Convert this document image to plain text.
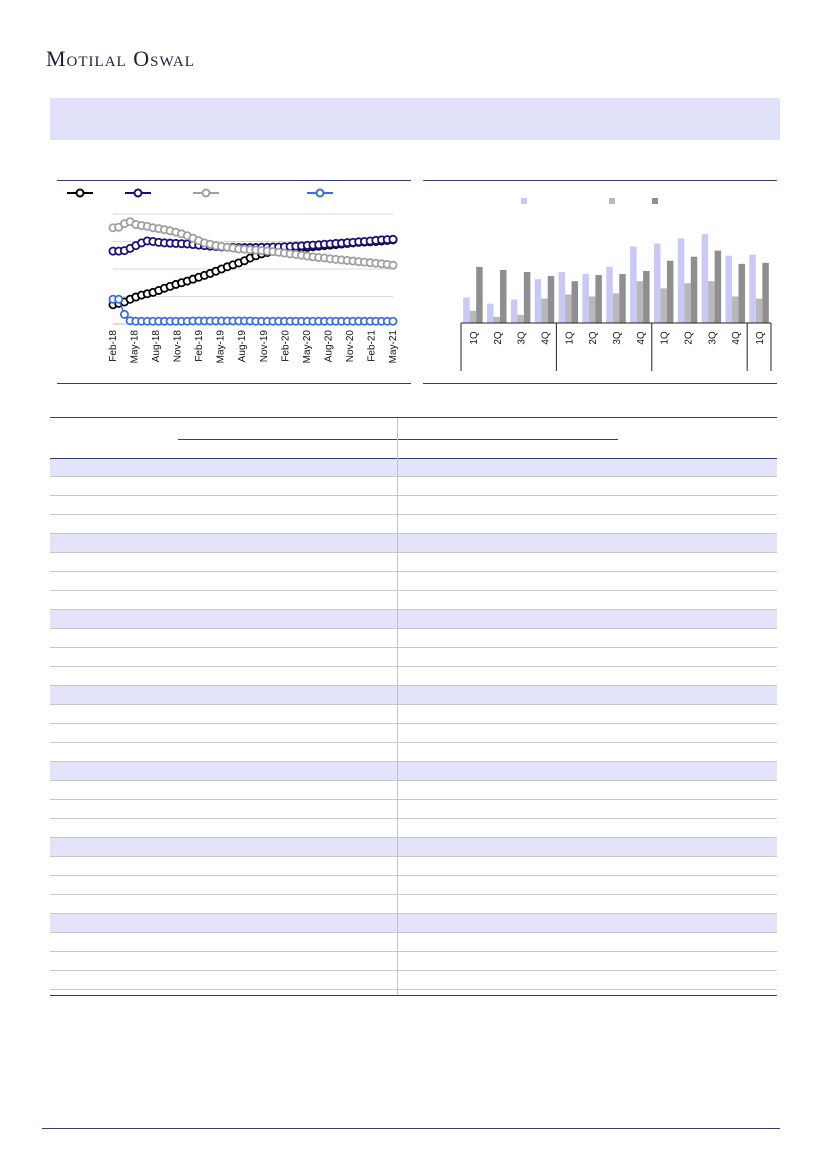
Motilal Oswal
Feb-18 May-18 Aug-18 Nov-18 Feb-19 May-19 Aug-19 Nov-19 Feb-20 May-20 Aug-20 Nov-20 Feb-21 May-21	1Q 2Q 3Q 4Q 1Q 2Q 3Q 4Q 1Q 2Q 3Q 4Q 1Q
